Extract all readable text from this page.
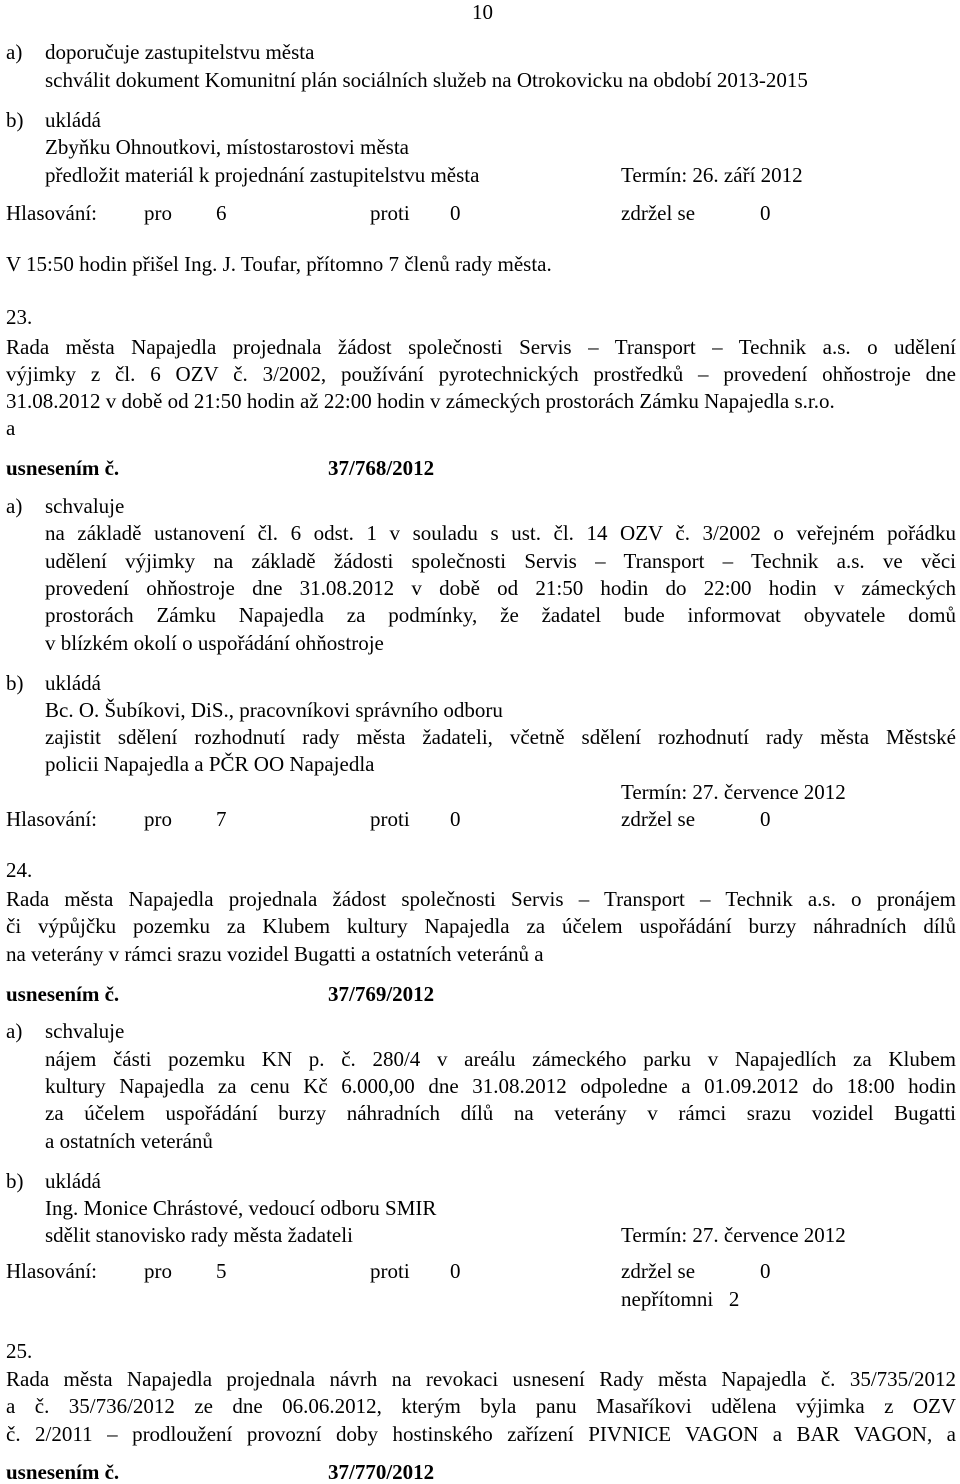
10
a) doporučuje zastupitelstvu města
schválit dokument Komunitní plán sociálních služeb na Otrokovicku na období 2013-2015
b) ukládá
Zbyňku Ohnoutkovi, místostarostovi města
předložit materiál k projednání zastupitelstvu města	Termín: 26. září 2012
Hlasování: pro 6	proti 0	zdržel se	0
V 15:50 hodin přišel Ing. J. Toufar, přítomno 7 členů rady města.
23.
Rada města Napajedla projednala žádost společnosti Servis – Transport – Technik a.s. o udělení
výjimky z čl. 6 OZV č. 3/2002, používání pyrotechnických prostředků – provedení ohňostroje dne
31.08.2012 v době od 21:50 hodin až 22:00 hodin v zámeckých prostorách Zámku Napajedla s.r.o.
a
usnesením č.	37/768/2012
a) schvaluje
na základě ustanovení čl. 6 odst. 1 v souladu s ust. čl. 14 OZV č. 3/2002 o veřejném pořádku
udělení výjimky na základě žádosti společnosti Servis – Transport – Technik a.s. ve věci
provedení ohňostroje dne 31.08.2012 v době od 21:50 hodin do 22:00 hodin v zámeckých
prostorách Zámku Napajedla za podmínky, že žadatel bude informovat obyvatele domů
v blízkém okolí o uspořádání ohňostroje
b) ukládá
Bc. O. Šubíkovi, DiS., pracovníkovi správního odboru
zajistit sdělení rozhodnutí rady města žadateli, včetně sdělení rozhodnutí rady města Městské
policii Napajedla a PČR OO Napajedla
Termín: 27. července 2012
Hlasování: pro 7	proti 0	zdržel se	0
24.
Rada města Napajedla projednala žádost společnosti Servis – Transport – Technik a.s. o pronájem
či výpůjčku pozemku za Klubem kultury Napajedla za účelem uspořádání burzy náhradních dílů
na veterány v rámci srazu vozidel Bugatti a ostatních veteránů a
usnesením č.	37/769/2012
a) schvaluje
nájem části pozemku KN p. č. 280/4 v areálu zámeckého parku v Napajedlích za Klubem
kultury Napajedla za cenu Kč 6.000,00 dne 31.08.2012 odpoledne a 01.09.2012 do 18:00 hodin
za účelem uspořádání burzy náhradních dílů na veterány v rámci srazu vozidel Bugatti
a ostatních veteránů
b) ukládá
Ing. Monice Chrástové, vedoucí odboru SMIR
sdělit stanovisko rady města žadateli	Termín: 27. července 2012
Hlasování: pro 5	proti 0	zdržel se	0
nepřítomni   2
25.
Rada města Napajedla projednala návrh na revokaci usnesení Rady města Napajedla č. 35/735/2012
a č. 35/736/2012 ze dne 06.06.2012, kterým byla panu Masaříkovi udělena výjimka z OZV
č. 2/2011 – prodloužení provozní doby hostinského zařízení PIVNICE VAGON a BAR VAGON, a
usnesením č.	37/770/2012
